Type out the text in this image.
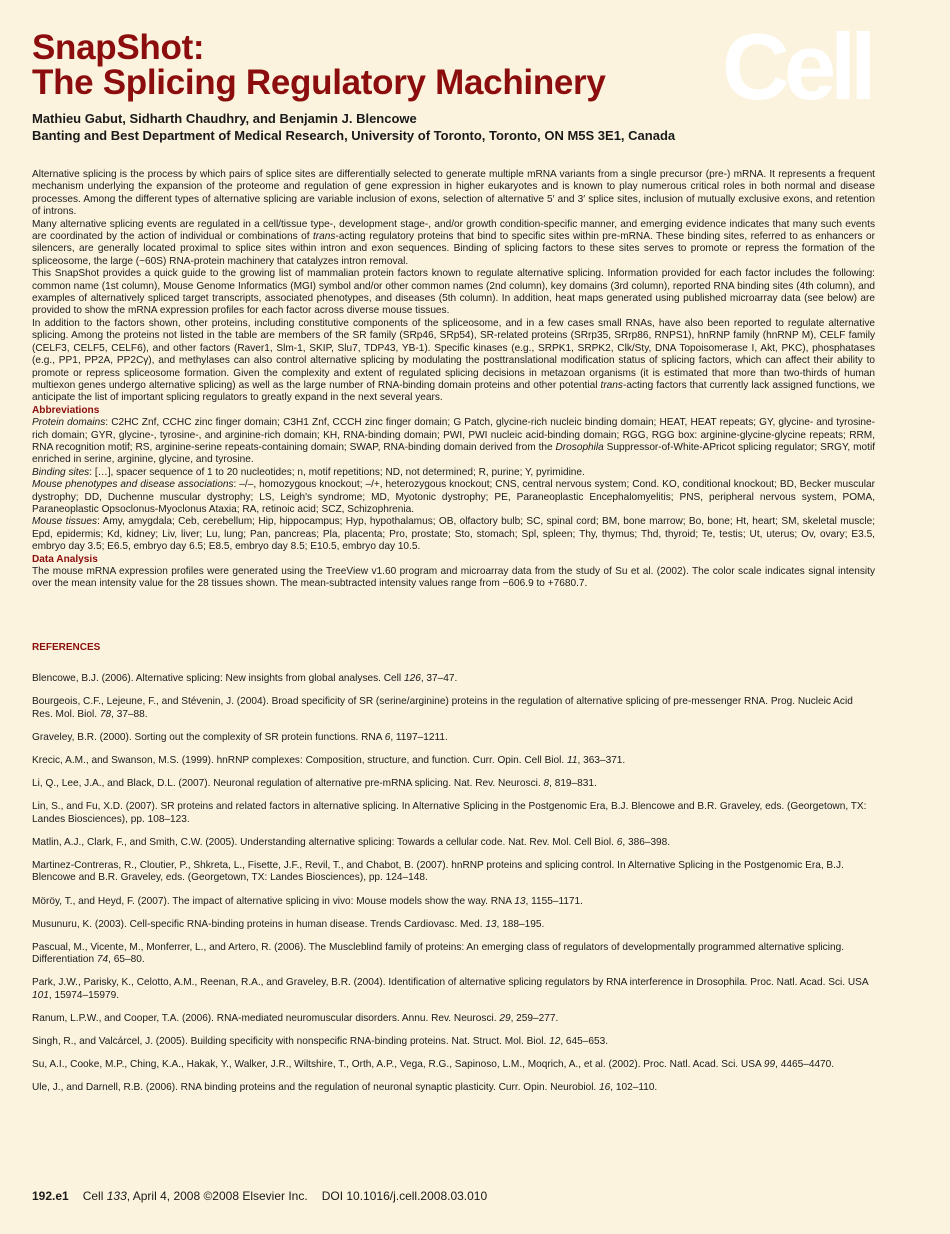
SnapShot:
The Splicing Regulatory Machinery Cell
Mathieu Gabut, Sidharth Chaudhry, and Benjamin J. Blencowe
Banting and Best Department of Medical Research, University of Toronto, Toronto, ON M5S 3E1, Canada

Alternative splicing is the process by which pairs of splice sites are differentially selected to generate multiple mRNA variants from a single precursor (pre-) mRNA. It represents a frequent mechanism underlying the expansion of the proteome and regulation of gene expression in higher eukaryotes and is known to play numerous critical roles in both normal and disease processes. Among the different types of alternative splicing are variable inclusion of exons, selection of alternative 5′ and 3′ splice sites, inclusion of mutually exclusive exons, and retention of introns.

Many alternative splicing events are regulated in a cell/tissue type-, development stage-, and/or growth condition-specific manner, and emerging evidence indicates that many such events are coordinated by the action of individual or combinations of trans-acting regulatory proteins that bind to specific sites within pre-mRNA. These binding sites, referred to as enhancers or silencers, are generally located proximal to splice sites within intron and exon sequences. Binding of splicing factors to these sites serves to promote or repress the formation of the spliceosome, the large (~60S) RNA-protein machinery that catalyzes intron removal.

This SnapShot provides a quick guide to the growing list of mammalian protein factors known to regulate alternative splicing. Information provided for each factor includes the following: common name (1st column), Mouse Genome Informatics (MGI) symbol and/or other common names (2nd column), key domains (3rd column), reported RNA binding sites (4th column), and examples of alternatively spliced target transcripts, associated phenotypes, and diseases (5th column). In addition, heat maps generated using published microarray data (see below) are provided to show the mRNA expression profiles for each factor across diverse mouse tissues.

In addition to the factors shown, other proteins, including constitutive components of the spliceosome, and in a few cases small RNAs, have also been reported to regulate alternative splicing. Among the proteins not listed in the table are members of the SR family (SRp46, SRp54), SR-related proteins (SRrp35, SRrp86, RNPS1), hnRNP family (hnRNP M), CELF family (CELF3, CELF5, CELF6), and other factors (Raver1, Slm-1, SKIP, Slu7, TDP43, YB-1). Specific kinases (e.g., SRPK1, SRPK2, Clk/Sty, DNA Topoisomerase I, Akt, PKC), phosphatases (e.g., PP1, PP2A, PP2Cγ), and methylases can also control alternative splicing by modulating the posttranslational modification status of splicing factors, which can affect their ability to promote or repress spliceosome formation. Given the complexity and extent of regulated splicing decisions in metazoan organisms (it is estimated that more than two-thirds of human multiexon genes undergo alternative splicing) as well as the large number of RNA-binding domain proteins and other potential trans-acting factors that currently lack assigned functions, we anticipate the list of important splicing regulators to greatly expand in the next several years.

Abbreviations

Protein domains: C2HC Znf, CCHC zinc finger domain; C3H1 Znf, CCCH zinc finger domain; G Patch, glycine-rich nucleic binding domain; HEAT, HEAT repeats; GY, glycine- and tyrosine-rich domain; GYR, glycine-, tyrosine-, and arginine-rich domain; KH, RNA-binding domain; PWI, PWI nucleic acid-binding domain; RGG, RGG box: arginine-glycine-glycine repeats; RRM, RNA recognition motif; RS, arginine-serine repeats-containing domain; SWAP, RNA-binding domain derived from the Drosophila Suppressor-of-White-APricot splicing regulator; SRGY, motif enriched in serine, arginine, glycine, and tyrosine.

Binding sites: […], spacer sequence of 1 to 20 nucleotides; n, motif repetitions; ND, not determined; R, purine; Y, pyrimidine.

Mouse phenotypes and disease associations: –/–, homozygous knockout; –/+, heterozygous knockout; CNS, central nervous system; Cond. KO, conditional knockout; BD, Becker muscular dystrophy; DD, Duchenne muscular dystrophy; LS, Leigh's syndrome; MD, Myotonic dystrophy; PE, Paraneoplastic Encephalomyelitis; PNS, peripheral nervous system, POMA, Paraneoplastic Opsoclonus-Myoclonus Ataxia; RA, retinoic acid; SCZ, Schizophrenia.

Mouse tissues: Amy, amygdala; Ceb, cerebellum; Hip, hippocampus; Hyp, hypothalamus; OB, olfactory bulb; SC, spinal cord; BM, bone marrow; Bo, bone; Ht, heart; SM, skeletal muscle; Epd, epidermis; Kd, kidney; Liv, liver; Lu, lung; Pan, pancreas; Pla, placenta; Pro, prostate; Sto, stomach; Spl, spleen; Thy, thymus; Thd, thyroid; Te, testis; Ut, uterus; Ov, ovary; E3.5, embryo day 3.5; E6.5, embryo day 6.5; E8.5, embryo day 8.5; E10.5, embryo day 10.5.

Data Analysis

The mouse mRNA expression profiles were generated using the TreeView v1.60 program and microarray data from the study of Su et al. (2002). The color scale indicates signal intensity over the mean intensity value for the 28 tissues shown. The mean-subtracted intensity values range from −606.9 to +7680.7.

REFERENCES

Blencowe, B.J. (2006). Alternative splicing: New insights from global analyses. Cell 126, 37–47.

Bourgeois, C.F., Lejeune, F., and Stévenin, J. (2004). Broad specificity of SR (serine/arginine) proteins in the regulation of alternative splicing of pre-messenger RNA. Prog. Nucleic Acid Res. Mol. Biol. 78, 37–88.

Graveley, B.R. (2000). Sorting out the complexity of SR protein functions. RNA 6, 1197–1211.

Krecic, A.M., and Swanson, M.S. (1999). hnRNP complexes: Composition, structure, and function. Curr. Opin. Cell Biol. 11, 363–371.

Li, Q., Lee, J.A., and Black, D.L. (2007). Neuronal regulation of alternative pre-mRNA splicing. Nat. Rev. Neurosci. 8, 819–831.

Lin, S., and Fu, X.D. (2007). SR proteins and related factors in alternative splicing. In Alternative Splicing in the Postgenomic Era, B.J. Blencowe and B.R. Graveley, eds. (Georgetown, TX: Landes Biosciences), pp. 108–123.

Matlin, A.J., Clark, F., and Smith, C.W. (2005). Understanding alternative splicing: Towards a cellular code. Nat. Rev. Mol. Cell Biol. 6, 386–398.

Martinez-Contreras, R., Cloutier, P., Shkreta, L., Fisette, J.F., Revil, T., and Chabot, B. (2007). hnRNP proteins and splicing control. In Alternative Splicing in the Postgenomic Era, B.J. Blencowe and B.R. Graveley, eds. (Georgetown, TX: Landes Biosciences), pp. 124–148.

Möröy, T., and Heyd, F. (2007). The impact of alternative splicing in vivo: Mouse models show the way. RNA 13, 1155–1171.

Musunuru, K. (2003). Cell-specific RNA-binding proteins in human disease. Trends Cardiovasc. Med. 13, 188–195.

Pascual, M., Vicente, M., Monferrer, L., and Artero, R. (2006). The Muscleblind family of proteins: An emerging class of regulators of developmentally programmed alternative splicing. Differentiation 74, 65–80.

Park, J.W., Parisky, K., Celotto, A.M., Reenan, R.A., and Graveley, B.R. (2004). Identification of alternative splicing regulators by RNA interference in Drosophila. Proc. Natl. Acad. Sci. USA 101, 15974–15979.

Ranum, L.P.W., and Cooper, T.A. (2006). RNA-mediated neuromuscular disorders. Annu. Rev. Neurosci. 29, 259–277.

Singh, R., and Valcárcel, J. (2005). Building specificity with nonspecific RNA-binding proteins. Nat. Struct. Mol. Biol. 12, 645–653.

Su, A.I., Cooke, M.P., Ching, K.A., Hakak, Y., Walker, J.R., Wiltshire, T., Orth, A.P., Vega, R.G., Sapinoso, L.M., Moqrich, A., et al. (2002). Proc. Natl. Acad. Sci. USA 99, 4465–4470.

Ule, J., and Darnell, R.B. (2006). RNA binding proteins and the regulation of neuronal synaptic plasticity. Curr. Opin. Neurobiol. 16, 102–110.

192.e1 Cell 133, April 4, 2008 ©2008 Elsevier Inc. DOI 10.1016/j.cell.2008.03.010
